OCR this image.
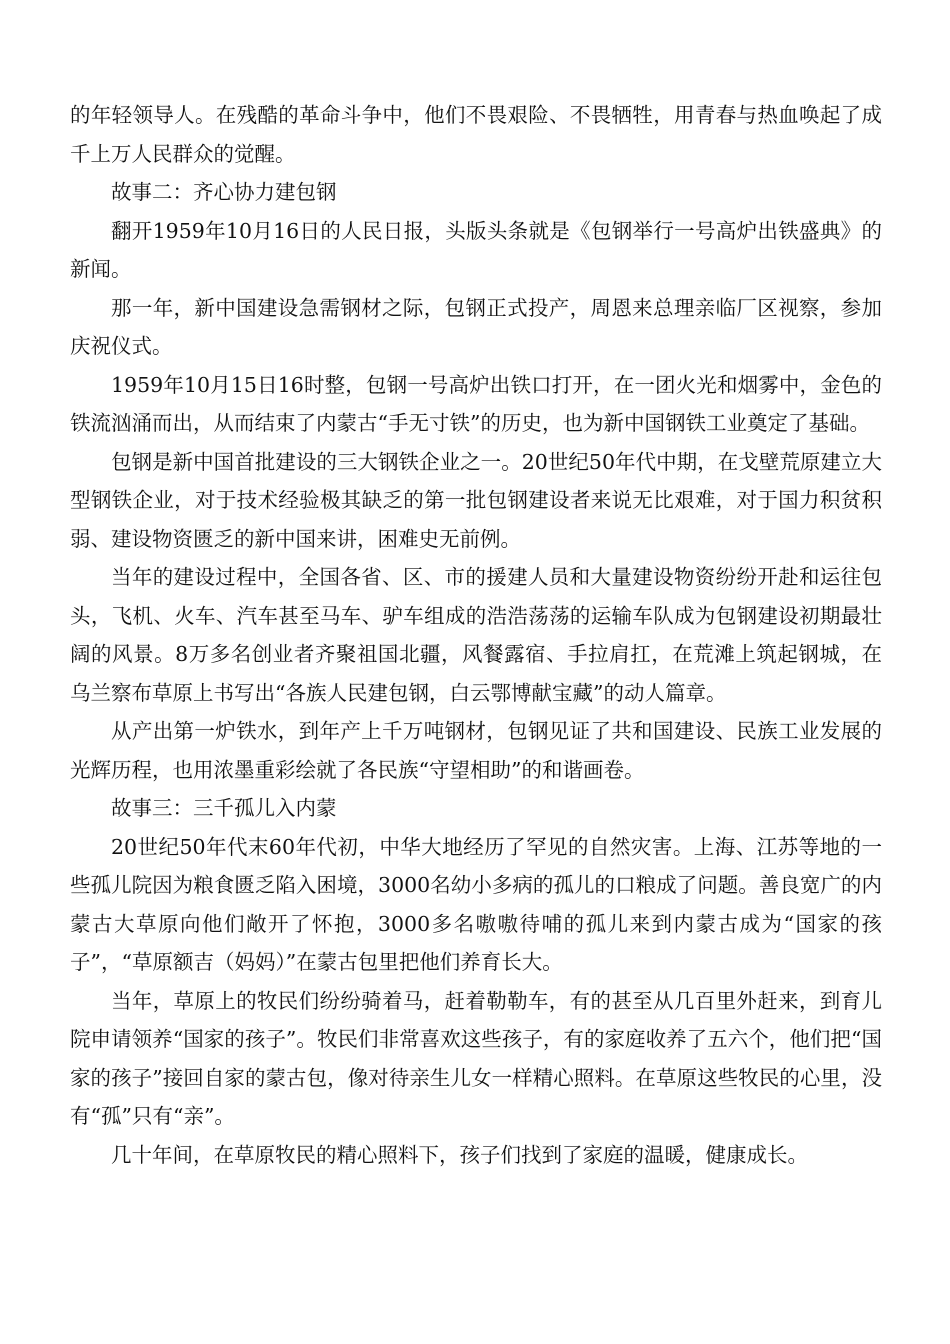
的年轻领导人。在残酷的革命斗争中，他们不畏艰险、不畏牺牲，用青春与热血唤起了成千上万人民群众的觉醒。

故事二：齐心协力建包钢

翻开1959年10月16日的人民日报，头版头条就是《包钢举行一号高炉出铁盛典》的新闻。

那一年，新中国建设急需钢材之际，包钢正式投产，周恩来总理亲临厂区视察，参加庆祝仪式。

1959年10月15日16时整，包钢一号高炉出铁口打开，在一团火光和烟雾中，金色的铁流汹涌而出，从而结束了内蒙古“手无寸铁”的历史，也为新中国钢铁工业奠定了基础。

包钢是新中国首批建设的三大钢铁企业之一。20世纪50年代中期，在戈壁荒原建立大型钢铁企业，对于技术经验极其缺乏的第一批包钢建设者来说无比艰难，对于国力积贫积弱、建设物资匮乏的新中国来讲，困难史无前例。

当年的建设过程中，全国各省、区、市的援建人员和大量建设物资纷纷开赴和运往包头，飞机、火车、汽车甚至马车、驴车组成的浩浩荡荡的运输车队成为包钢建设初期最壮阔的风景。8万多名创业者齐聚祖国北疆，风餐露宿、手拉肩扛，在荒滩上筑起钢城，在乌兰察布草原上书写出“各族人民建包钢，白云鄂博献宝藏”的动人篇章。

从产出第一炉铁水，到年产上千万吨钢材，包钢见证了共和国建设、民族工业发展的光辉历程，也用浓墨重彩绘就了各民族“守望相助”的和谐画卷。

故事三：三千孤儿入内蒙

20世纪50年代末60年代初，中华大地经历了罕见的自然灾害。上海、江苏等地的一些孤儿院因为粮食匮乏陷入困境，3000名幼小多病的孤儿的口粮成了问题。善良宽广的内蒙古大草原向他们敞开了怀抱，3000多名嗷嗷待哺的孤儿来到内蒙古成为“国家的孩子”，“草原额吉（妈妈）”在蒙古包里把他们养育长大。

当年，草原上的牧民们纷纷骑着马，赶着勒勒车，有的甚至从几百里外赶来，到育儿院申请领养“国家的孩子”。牧民们非常喜欢这些孩子，有的家庭收养了五六个，他们把“国家的孩子”接回自家的蒙古包，像对待亲生儿女一样精心照料。在草原这些牧民的心里，没有“孤”只有“亲”。

几十年间，在草原牧民的精心照料下，孩子们找到了家庭的温暖，健康成长。
